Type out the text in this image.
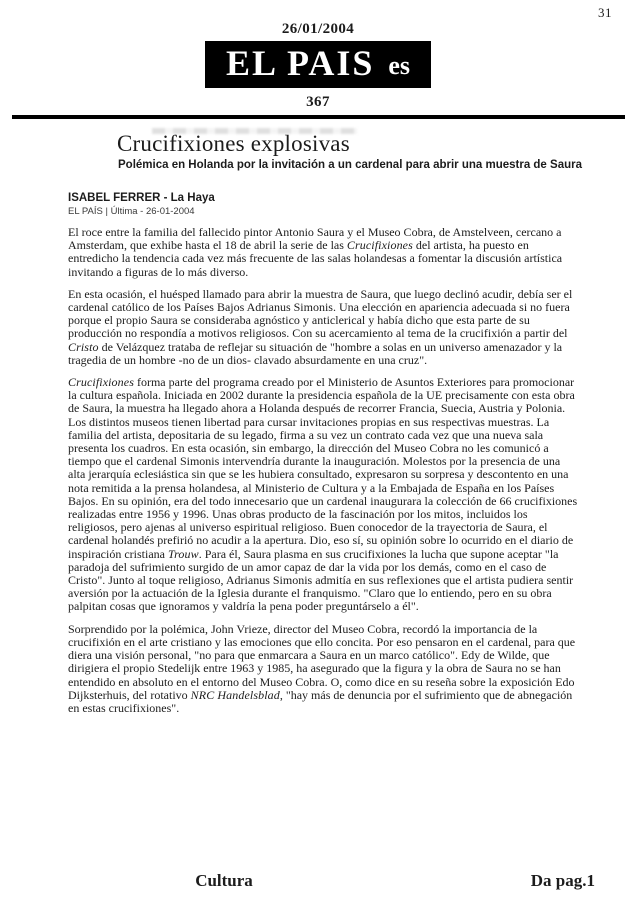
31
26/01/2004
EL PAIS es
367
Crucifixiones explosivas
Polémica en Holanda por la invitación a un cardenal para abrir una muestra de Saura
ISABEL FERRER - La Haya
EL PAÍS | Última - 26-01-2004

El roce entre la familia del fallecido pintor Antonio Saura y el Museo Cobra, de Amstelveen, cercano a Amsterdam, que exhibe hasta el 18 de abril la serie de las Crucifixiones del artista, ha puesto en entredicho la tendencia cada vez más frecuente de las salas holandesas a fomentar la discusión artística invitando a figuras de lo más diverso.

En esta ocasión, el huésped llamado para abrir la muestra de Saura, que luego declinó acudir, debía ser el cardenal católico de los Países Bajos Adrianus Simonis. Una elección en apariencia adecuada si no fuera porque el propio Saura se consideraba agnóstico y anticlerical y había dicho que esta parte de su producción no respondía a motivos religiosos. Con su acercamiento al tema de la crucifixión a partir del Cristo de Velázquez trataba de reflejar su situación de "hombre a solas en un universo amenazador y la tragedia de un hombre -no de un dios- clavado absurdamente en una cruz".

Crucifixiones forma parte del programa creado por el Ministerio de Asuntos Exteriores para promocionar la cultura española. Iniciada en 2002 durante la presidencia española de la UE precisamente con esta obra de Saura, la muestra ha llegado ahora a Holanda después de recorrer Francia, Suecia, Austria y Polonia. Los distintos museos tienen libertad para cursar invitaciones propias en sus respectivas muestras. La familia del artista, depositaria de su legado, firma a su vez un contrato cada vez que una nueva sala presenta los cuadros. En esta ocasión, sin embargo, la dirección del Museo Cobra no les comunicó a tiempo que el cardenal Simonis intervendría durante la inauguración. Molestos por la presencia de una alta jerarquía eclesiástica sin que se les hubiera consultado, expresaron su sorpresa y descontento en una nota remitida a la prensa holandesa, al Ministerio de Cultura y a la Embajada de España en los Países Bajos. En su opinión, era del todo innecesario que un cardenal inaugurara la colección de 66 crucifixiones realizadas entre 1956 y 1996. Unas obras producto de la fascinación por los mitos, incluidos los religiosos, pero ajenas al universo espiritual religioso. Buen conocedor de la trayectoria de Saura, el cardenal holandés prefirió no acudir a la apertura. Dio, eso sí, su opinión sobre lo ocurrido en el diario de inspiración cristiana Trouw. Para él, Saura plasma en sus crucifixiones la lucha que supone aceptar "la paradoja del sufrimiento surgido de un amor capaz de dar la vida por los demás, como en el caso de Cristo". Junto al toque religioso, Adrianus Simonis admitía en sus reflexiones que el artista pudiera sentir aversión por la actuación de la Iglesia durante el franquismo. "Claro que lo entiendo, pero en su obra palpitan cosas que ignoramos y valdría la pena poder preguntárselo a él".

Sorprendido por la polémica, John Vrieze, director del Museo Cobra, recordó la importancia de la crucifixión en el arte cristiano y las emociones que ello concita. Por eso pensaron en el cardenal, para que diera una visión personal, "no para que enmarcara a Saura en un marco católico". Edy de Wilde, que dirigiera el propio Stedelijk entre 1963 y 1985, ha asegurado que la figura y la obra de Saura no se han entendido en absoluto en el entorno del Museo Cobra. O, como dice en su reseña sobre la exposición Edo Dijksterhuis, del rotativo NRC Handelsblad, "hay más de denuncia por el sufrimiento que de abnegación en estas crucifixiones".

Cultura	Da pag.1
